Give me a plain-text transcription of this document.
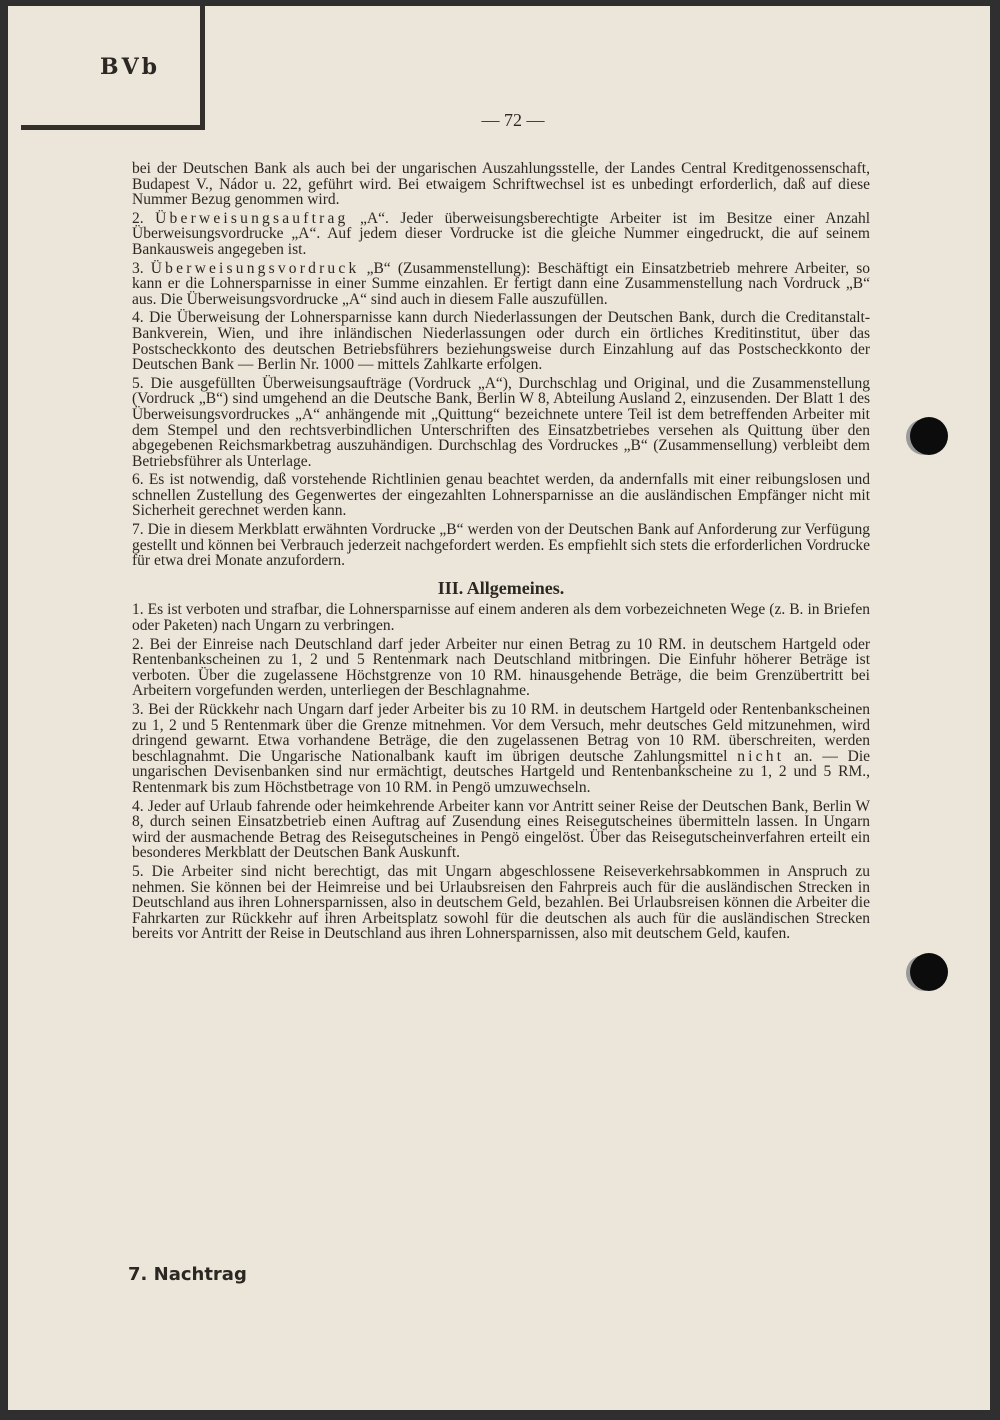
BVb
— 72 —

bei der Deutschen Bank als auch bei der ungarischen Auszahlungsstelle, der Landes Central Kreditgenossenschaft, Budapest V., Nádor u. 22, geführt wird. Bei etwaigem Schriftwechsel ist es unbedingt erforderlich, daß auf diese Nummer Bezug genommen wird.

2. Überweisungsauftrag „A“. Jeder überweisungsberechtigte Arbeiter ist im Besitze einer Anzahl Überweisungsvordrucke „A“. Auf jedem dieser Vordrucke ist die gleiche Nummer eingedruckt, die auf seinem Bankausweis angegeben ist.

3. Überweisungsvordruck „B“ (Zusammenstellung): Beschäftigt ein Einsatzbetrieb mehrere Arbeiter, so kann er die Lohnersparnisse in einer Summe einzahlen. Er fertigt dann eine Zusammenstellung nach Vordruck „B“ aus. Die Überweisungsvordrucke „A“ sind auch in diesem Falle auszufüllen.

4. Die Überweisung der Lohnersparnisse kann durch Niederlassungen der Deutschen Bank, durch die Creditanstalt-Bankverein, Wien, und ihre inländischen Niederlassungen oder durch ein örtliches Kreditinstitut, über das Postscheckkonto des deutschen Betriebsführers beziehungsweise durch Einzahlung auf das Postscheckkonto der Deutschen Bank — Berlin Nr. 1000 — mittels Zahlkarte erfolgen.

5. Die ausgefüllten Überweisungsaufträge (Vordruck „A“), Durchschlag und Original, und die Zusammenstellung (Vordruck „B“) sind umgehend an die Deutsche Bank, Berlin W 8, Abteilung Ausland 2, einzusenden. Der Blatt 1 des Überweisungsvordruckes „A“ anhängende mit „Quittung“ bezeichnete untere Teil ist dem betreffenden Arbeiter mit dem Stempel und den rechtsverbindlichen Unterschriften des Einsatzbetriebes versehen als Quittung über den abgegebenen Reichsmarkbetrag auszuhändigen. Durchschlag des Vordruckes „B“ (Zusammensellung) verbleibt dem Betriebsführer als Unterlage.

6. Es ist notwendig, daß vorstehende Richtlinien genau beachtet werden, da andernfalls mit einer reibungslosen und schnellen Zustellung des Gegenwertes der eingezahlten Lohnersparnisse an die ausländischen Empfänger nicht mit Sicherheit gerechnet werden kann.

7. Die in diesem Merkblatt erwähnten Vordrucke „B“ werden von der Deutschen Bank auf Anforderung zur Verfügung gestellt und können bei Verbrauch jederzeit nachgefordert werden. Es empfiehlt sich stets die erforderlichen Vordrucke für etwa drei Monate anzufordern.

III. Allgemeines.

1. Es ist verboten und strafbar, die Lohnersparnisse auf einem anderen als dem vorbezeichneten Wege (z. B. in Briefen oder Paketen) nach Ungarn zu verbringen.

2. Bei der Einreise nach Deutschland darf jeder Arbeiter nur einen Betrag zu 10 RM. in deutschem Hartgeld oder Rentenbankscheinen zu 1, 2 und 5 Rentenmark nach Deutschland mitbringen. Die Einfuhr höherer Beträge ist verboten. Über die zugelassene Höchstgrenze von 10 RM. hinausgehende Beträge, die beim Grenzübertritt bei Arbeitern vorgefunden werden, unterliegen der Beschlagnahme.

3. Bei der Rückkehr nach Ungarn darf jeder Arbeiter bis zu 10 RM. in deutschem Hartgeld oder Rentenbankscheinen zu 1, 2 und 5 Rentenmark über die Grenze mitnehmen. Vor dem Versuch, mehr deutsches Geld mitzunehmen, wird dringend gewarnt. Etwa vorhandene Beträge, die den zugelassenen Betrag von 10 RM. überschreiten, werden beschlagnahmt. Die Ungarische Nationalbank kauft im übrigen deutsche Zahlungsmittel nicht an. — Die ungarischen Devisenbanken sind nur ermächtigt, deutsches Hartgeld und Rentenbankscheine zu 1, 2 und 5 RM., Rentenmark bis zum Höchstbetrage von 10 RM. in Pengö umzuwechseln.

4. Jeder auf Urlaub fahrende oder heimkehrende Arbeiter kann vor Antritt seiner Reise der Deutschen Bank, Berlin W 8, durch seinen Einsatzbetrieb einen Auftrag auf Zusendung eines Reisegutscheines übermitteln lassen. In Ungarn wird der ausmachende Betrag des Reisegutscheines in Pengö eingelöst. Über das Reisegutscheinverfahren erteilt ein besonderes Merkblatt der Deutschen Bank Auskunft.

5. Die Arbeiter sind nicht berechtigt, das mit Ungarn abgeschlossene Reiseverkehrsabkommen in Anspruch zu nehmen. Sie können bei der Heimreise und bei Urlaubsreisen den Fahrpreis auch für die ausländischen Strecken in Deutschland aus ihren Lohnersparnissen, also in deutschem Geld, bezahlen. Bei Urlaubsreisen können die Arbeiter die Fahrkarten zur Rückkehr auf ihren Arbeitsplatz sowohl für die deutschen als auch für die ausländischen Strecken bereits vor Antritt der Reise in Deutschland aus ihren Lohnersparnissen, also mit deutschem Geld, kaufen.

7. Nachtrag
